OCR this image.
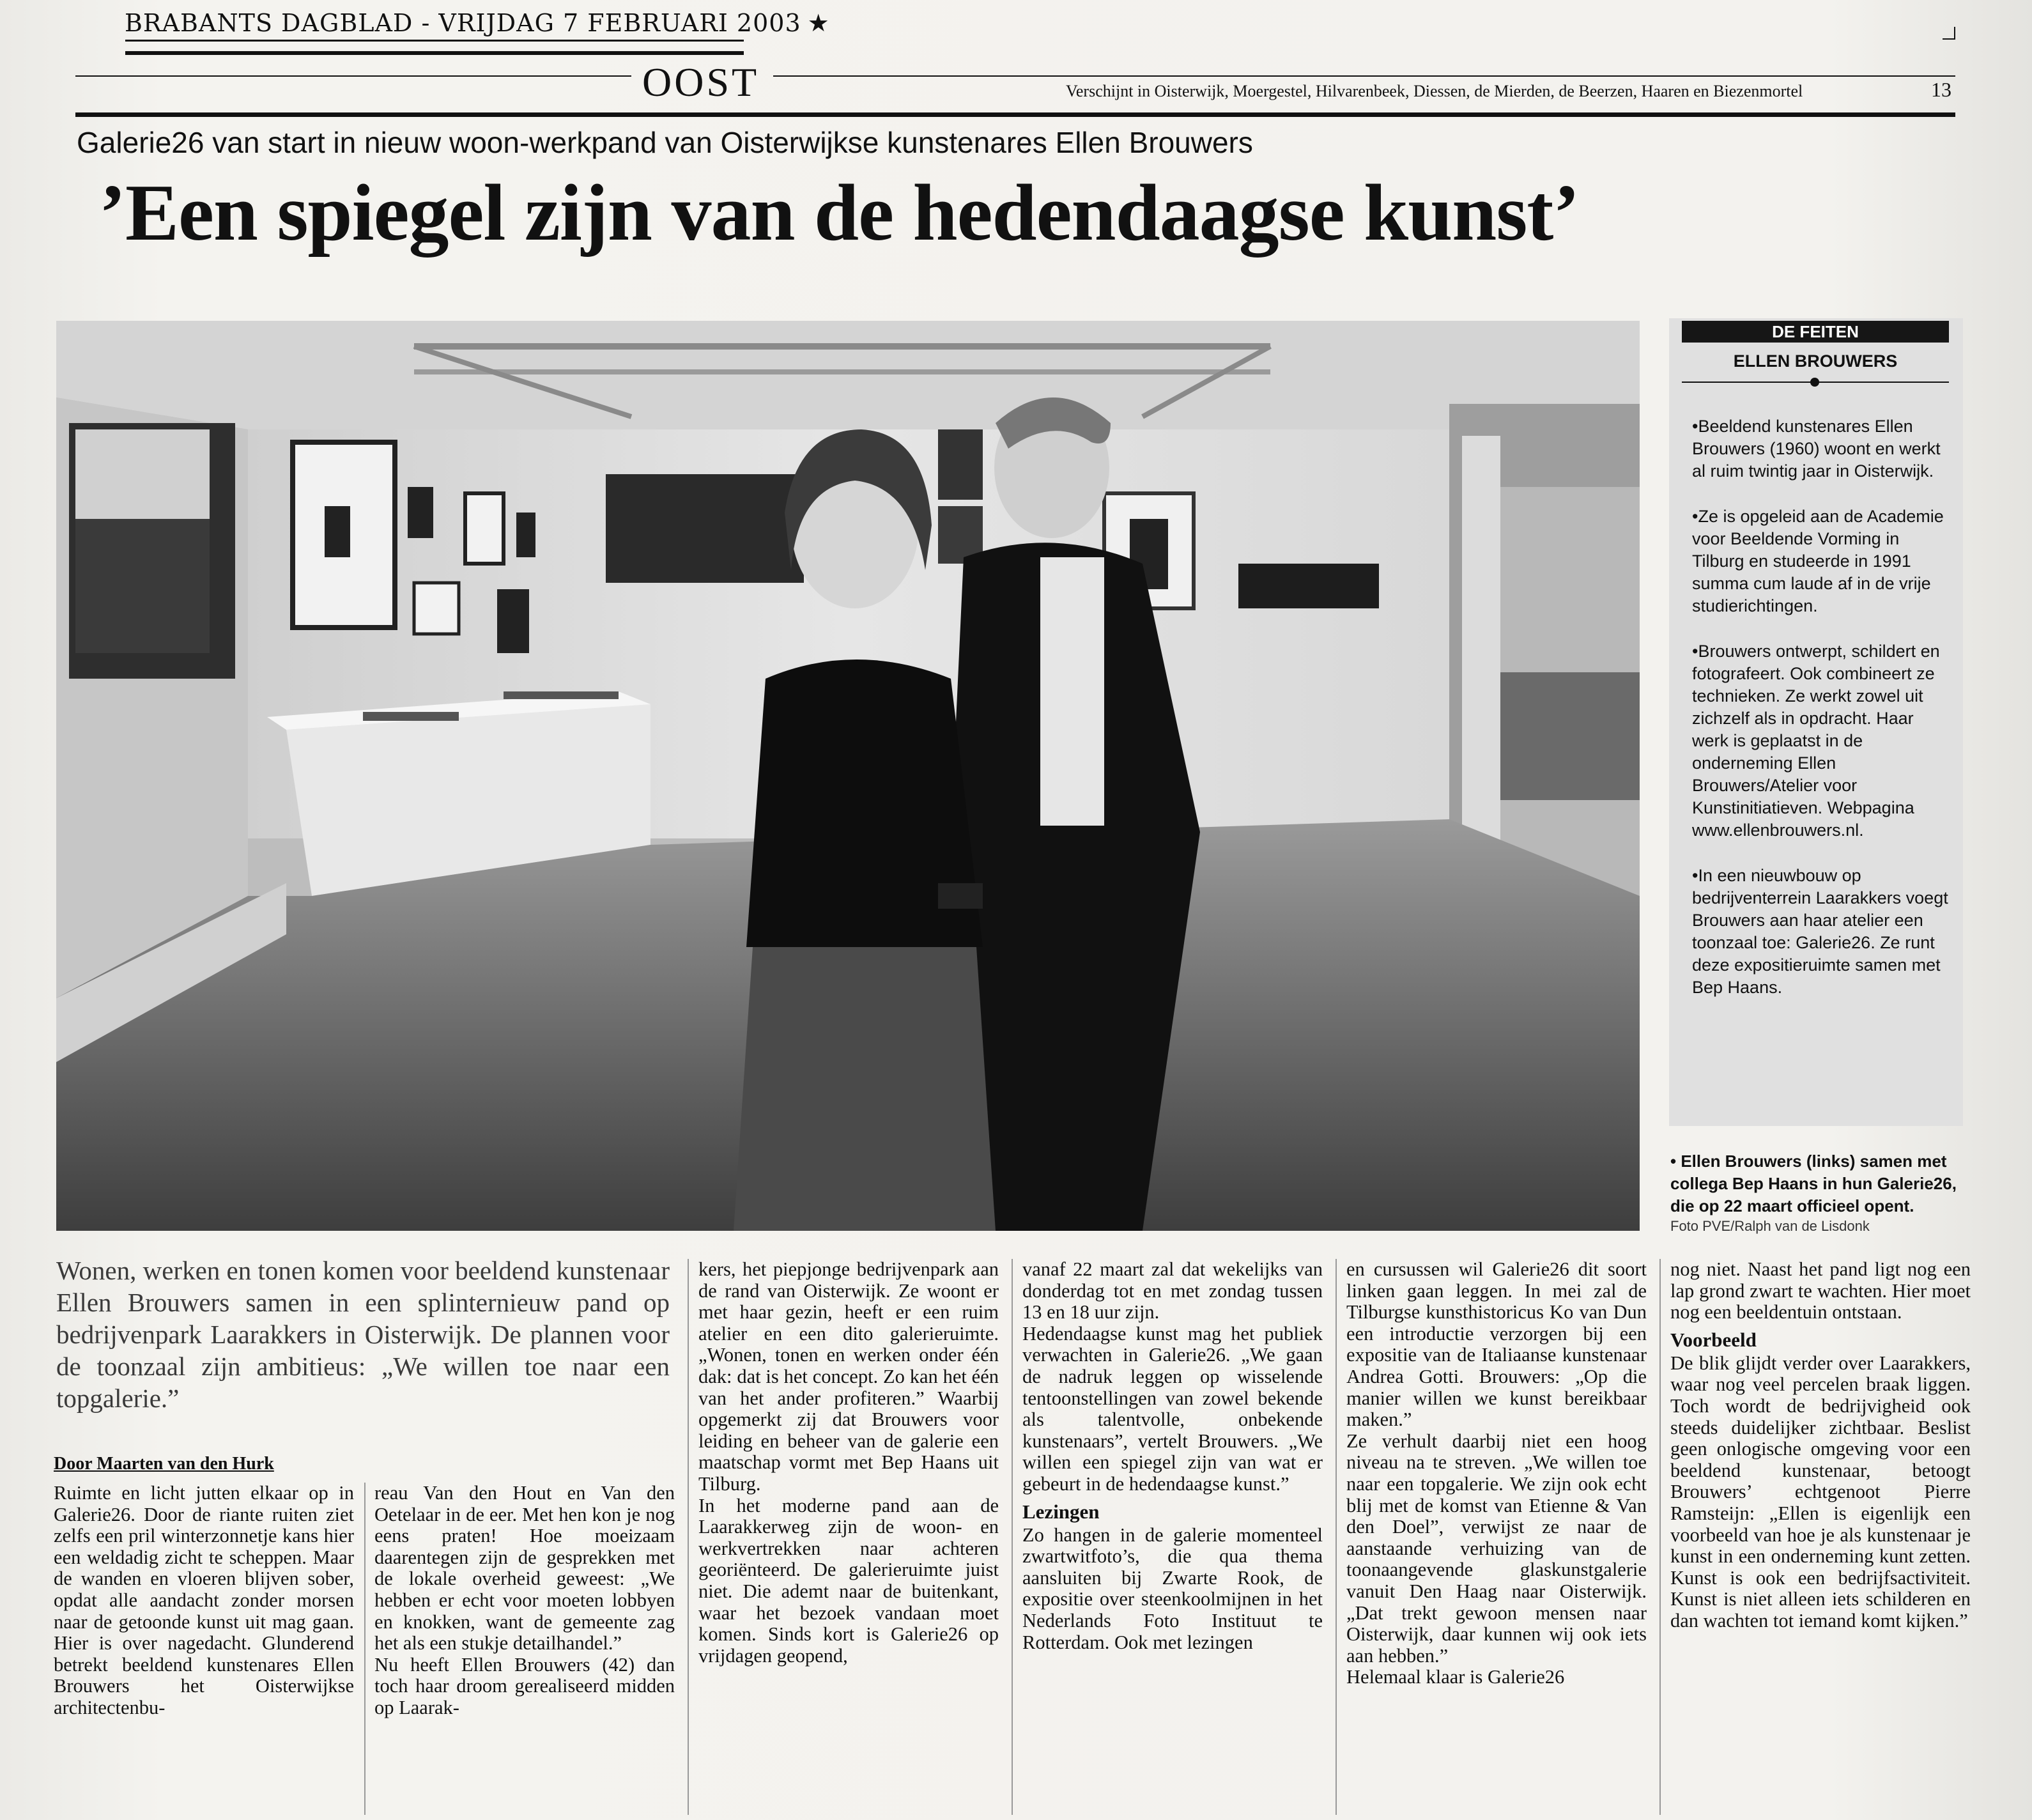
BRABANTS DAGBLAD - VRIJDAG 7 FEBRUARI 2003 ★
OOST	Verschijnt in Oisterwijk, Moergestel, Hilvarenbeek, Diessen, de Mierden, de Beerzen, Haaren en Biezenmortel	13
Galerie26 van start in nieuw woon-werkpand van Oisterwijkse kunstenares Ellen Brouwers
’Een spiegel zijn van de hedendaagse kunst’
DE FEITEN
ELLEN BROUWERS
• Beeldend kunstenares Ellen Brouwers (1960) woont en werkt al ruim twintig jaar in Oisterwijk.
• Ze is opgeleid aan de Academie voor Beeldende Vorming in Tilburg en studeerde in 1991 summa cum laude af in de vrije studierichtingen.
• Brouwers ontwerpt, schildert en fotografeert. Ook combineert ze technieken. Ze werkt zowel uit zichzelf als in opdracht. Haar werk is geplaatst in de onderneming Ellen Brouwers/Atelier voor Kunstinitiatieven. Webpagina www.ellenbrouwers.nl.
• In een nieuwbouw op bedrijventerrein Laarakkers voegt Brouwers aan haar atelier een toonzaal toe: Galerie26. Ze runt deze expositieruimte samen met Bep Haans.
• Ellen Brouwers (links) samen met collega Bep Haans in hun Galerie26, die op 22 maart officieel opent.
Foto PVE/Ralph van de Lisdonk
Wonen, werken en tonen komen voor beeldend kunstenaar Ellen Brouwers samen in een splinternieuw pand op bedrijvenpark Laarakkers in Oisterwijk. De plannen voor de toonzaal zijn ambitieus: „We willen toe naar een topgalerie.”
Door Maarten van den Hurk

Ruimte en licht jutten elkaar op in Galerie26. Door de riante ruiten ziet zelfs een pril winterzonnetje kans hier een weldadig zicht te scheppen. Maar de wanden en vloeren blijven sober, opdat alle aandacht zonder morsen naar de getoonde kunst uit mag gaan. Hier is over nagedacht. Glunderend betrekt beeldend kunstenares Ellen Brouwers het Oisterwijkse architectenbu-

reau Van den Hout en Van den Oetelaar in de eer. Met hen kon je nog eens praten! Hoe moeizaam daarentegen zijn de gesprekken met de lokale overheid geweest: „We hebben er echt voor moeten lobbyen en knokken, want de gemeente zag het als een stukje detailhandel.”

Nu heeft Ellen Brouwers (42) dan toch haar droom gerealiseerd midden op Laarak-

kers, het piepjonge bedrijvenpark aan de rand van Oisterwijk. Ze woont er met haar gezin, heeft er een ruim atelier en een dito galerieruimte. „Wonen, tonen en werken onder één dak: dat is het concept. Zo kan het één van het ander profiteren.” Waarbij opgemerkt zij dat Brouwers voor leiding en beheer van de galerie een maatschap vormt met Bep Haans uit Tilburg.

In het moderne pand aan de Laarakkerweg zijn de woon- en werkvertrekken naar achteren georiënteerd. De galerieruimte juist niet. Die ademt naar de buitenkant, waar het bezoek vandaan moet komen. Sinds kort is Galerie26 op vrijdagen geopend,

vanaf 22 maart zal dat wekelijks van donderdag tot en met zondag tussen 13 en 18 uur zijn.

Hedendaagse kunst mag het publiek verwachten in Galerie26. „We gaan de nadruk leggen op wisselende tentoonstellingen van zowel bekende als talentvolle, onbekende kunstenaars”, vertelt Brouwers. „We willen een spiegel zijn van wat er gebeurt in de hedendaagse kunst.”

Lezingen

Zo hangen in de galerie momenteel zwartwitfoto’s, die qua thema aansluiten bij Zwarte Rook, de expositie over steenkoolmijnen in het Nederlands Foto Instituut te Rotterdam. Ook met lezingen

en cursussen wil Galerie26 dit soort linken gaan leggen. In mei zal de Tilburgse kunsthistoricus Ko van Dun een introductie verzorgen bij een expositie van de Italiaanse kunstenaar Andrea Gotti. Brouwers: „Op die manier willen we kunst bereikbaar maken.”

Ze verhult daarbij niet een hoog niveau na te streven. „We willen toe naar een topgalerie. We zijn ook echt blij met de komst van Etienne & Van den Doel”, verwijst ze naar de aanstaande verhuizing van de toonaangevende glaskunstgalerie vanuit Den Haag naar Oisterwijk. „Dat trekt gewoon mensen naar Oisterwijk, daar kunnen wij ook iets aan hebben.”

Helemaal klaar is Galerie26

nog niet. Naast het pand ligt nog een lap grond zwart te wachten. Hier moet nog een beeldentuin ontstaan.

Voorbeeld

De blik glijdt verder over Laarakkers, waar nog veel percelen braak liggen. Toch wordt de bedrijvigheid ook steeds duidelijker zichtbaar. Beslist geen onlogische omgeving voor een beeldend kunstenaar, betoogt Brouwers’ echtgenoot Pierre Ramsteijn: „Ellen is eigenlijk een voorbeeld van hoe je als kunstenaar je kunst in een onderneming kunt zetten. Kunst is ook een bedrijfsactiviteit. Kunst is niet alleen iets schilderen en dan wachten tot iemand komt kijken.”
